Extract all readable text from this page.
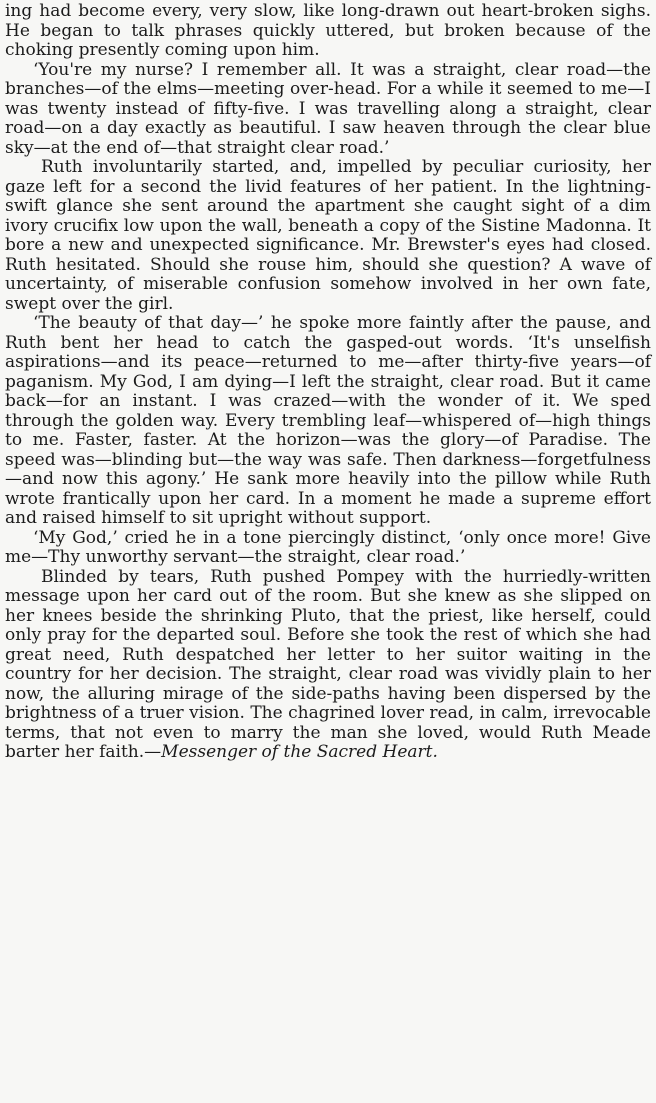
ing had become every, very slow, like long-drawn out heart-broken sighs. He began to talk phrases quickly uttered, but broken because of the choking presently coming upon him.

‘You're my nurse? I remember all. It was a straight, clear road—the branches—of the elms—meeting over-head. For a while it seemed to me—I was twenty instead of fifty-five. I was travelling along a straight, clear road—on a day exactly as beautiful. I saw heaven through the clear blue sky—at the end of—that straight clear road.’

Ruth involuntarily started, and, impelled by peculiar curiosity, her gaze left for a second the livid features of her patient. In the lightning-swift glance she sent around the apartment she caught sight of a dim ivory crucifix low upon the wall, beneath a copy of the Sistine Madonna. It bore a new and unexpected significance. Mr. Brewster's eyes had closed. Ruth hesitated. Should she rouse him, should she question? A wave of uncertainty, of miserable confusion somehow involved in her own fate, swept over the girl.

‘The beauty of that day—’ he spoke more faintly after the pause, and Ruth bent her head to catch the gasped-out words. ‘It's unselfish aspirations—and its peace—returned to me—after thirty-five years—of paganism. My God, I am dying—I left the straight, clear road. But it came back—for an instant. I was crazed—with the wonder of it. We sped through the golden way. Every trembling leaf—whispered of—high things to me. Faster, faster. At the horizon—was the glory—of Paradise. The speed was—blinding but—the way was safe. Then darkness—forgetfulness—and now this agony.’ He sank more heavily into the pillow while Ruth wrote frantically upon her card. In a moment he made a supreme effort and raised himself to sit upright without support.

‘My God,’ cried he in a tone piercingly distinct, ‘only once more! Give me—Thy unworthy servant—the straight, clear road.’

Blinded by tears, Ruth pushed Pompey with the hurriedly-written message upon her card out of the room. But she knew as she slipped on her knees beside the shrinking Pluto, that the priest, like herself, could only pray for the departed soul. Before she took the rest of which she had great need, Ruth despatched her letter to her suitor waiting in the country for her decision. The straight, clear road was vividly plain to her now, the alluring mirage of the side-paths having been dispersed by the brightness of a truer vision. The chagrined lover read, in calm, irrevocable terms, that not even to marry the man she loved, would Ruth Meade barter her faith.—Messenger of the Sacred Heart.
